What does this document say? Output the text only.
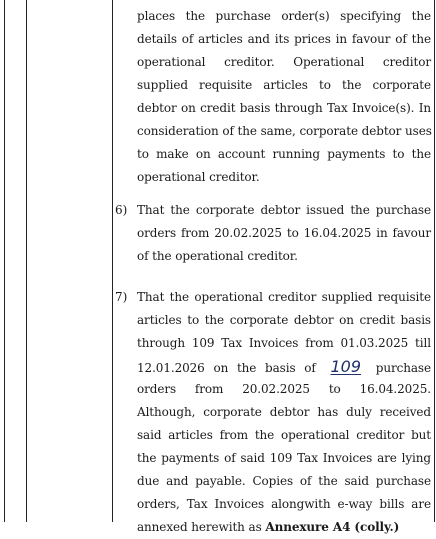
places the purchase order(s) specifying the
details of articles and its prices in favour of the
operational creditor. Operational creditor
supplied requisite articles to the corporate
debtor on credit basis through Tax Invoice(s). In
consideration of the same, corporate debtor uses
to make on account running payments to the
operational creditor.
6) That the corporate debtor issued the purchase
orders from 20.02.2025 to 16.04.2025 in favour
of the operational creditor.
7) That the operational creditor supplied requisite
articles to the corporate debtor on credit basis
through 109 Tax Invoices from 01.03.2025 till
12.01.2026 on the basis of 109 purchase
orders from 20.02.2025 to 16.04.2025.
Although, corporate debtor has duly received
said articles from the operational creditor but
the payments of said 109 Tax Invoices are lying
due and payable. Copies of the said purchase
orders, Tax Invoices alongwith e-way bills are
annexed herewith as Annexure A4 (colly.)
